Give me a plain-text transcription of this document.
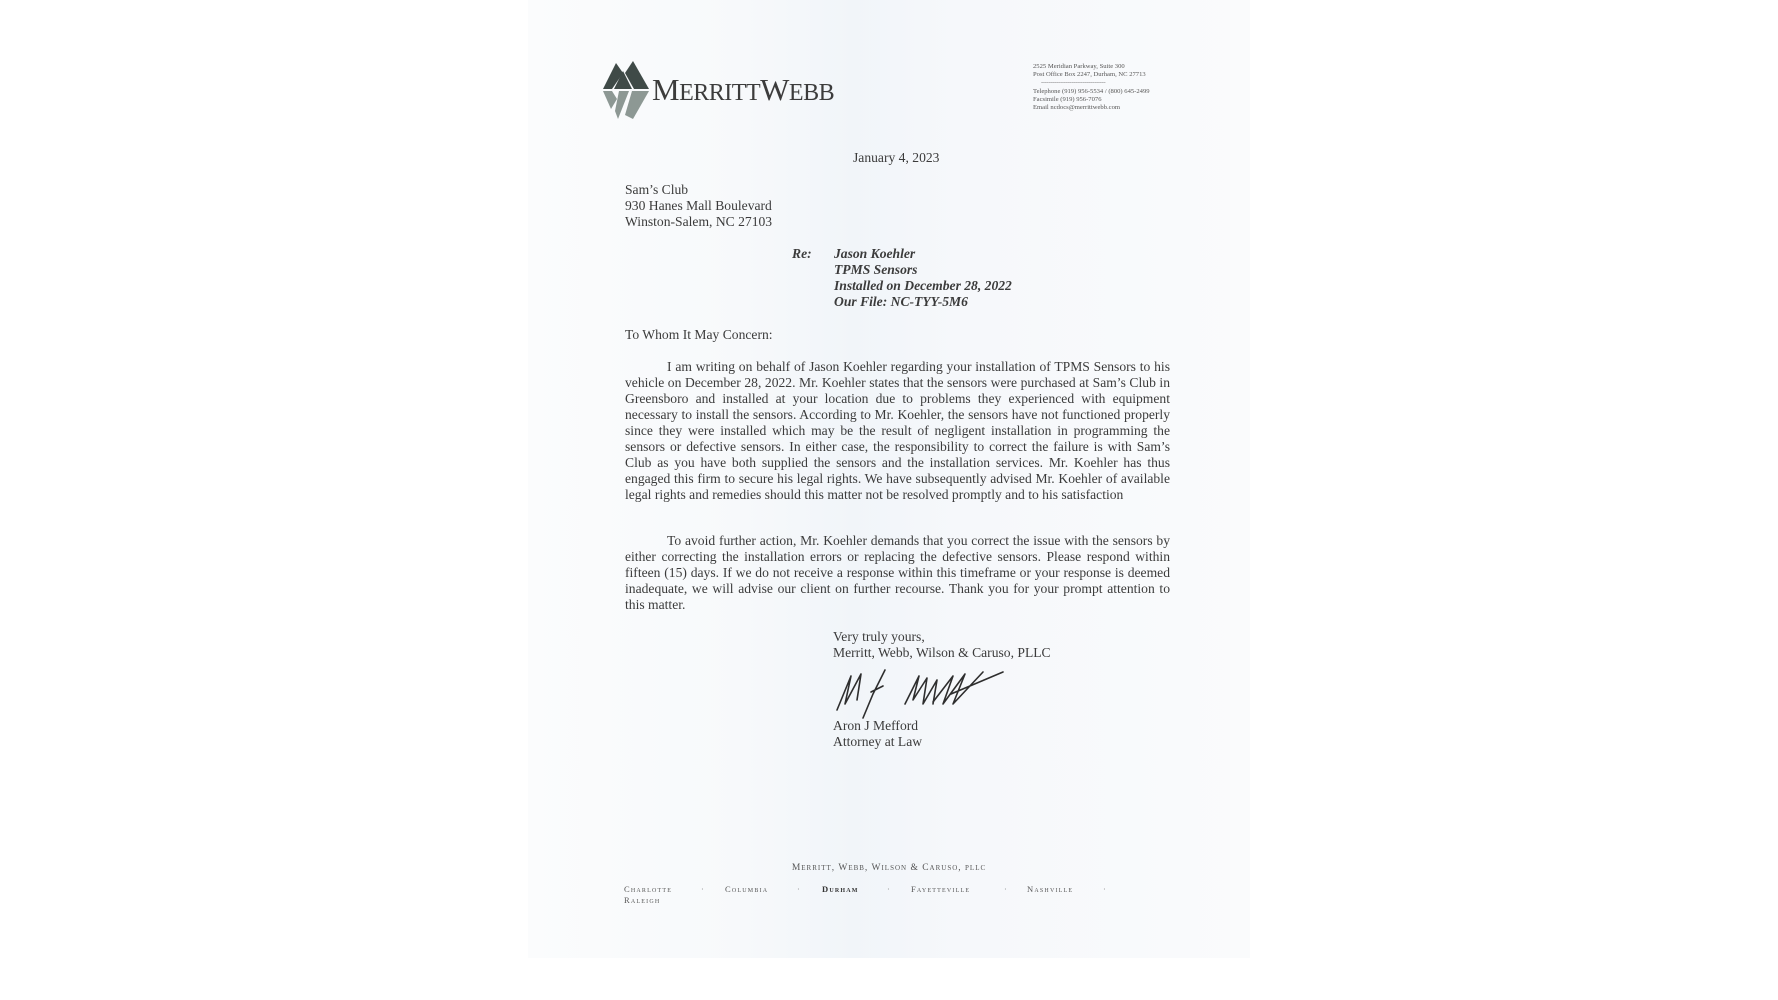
MERRITTWEBB
2525 Meridian Parkway, Suite 300
Post Office Box 2247, Durham, NC 27713
----------------------------------
Telephone (919) 956-5534 / (800) 645-2499
Facsimile (919) 956-7076
Email ncdocs@merrittwebb.com
January 4, 2023
Sam’s Club
930 Hanes Mall Boulevard
Winston-Salem, NC 27103
Re: Jason Koehler
TPMS Sensors
Installed on December 28, 2022
Our File: NC-TYY-5M6
To Whom It May Concern:
I am writing on behalf of Jason Koehler regarding your installation of TPMS Sensors to his vehicle on December 28, 2022. Mr. Koehler states that the sensors were purchased at Sam’s Club in Greensboro and installed at your location due to problems they experienced with equipment necessary to install the sensors. According to Mr. Koehler, the sensors have not functioned properly since they were installed which may be the result of negligent installation in programming the sensors or defective sensors. In either case, the responsibility to correct the failure is with Sam’s Club as you have both supplied the sensors and the installation services. Mr. Koehler has thus engaged this firm to secure his legal rights. We have subsequently advised Mr. Koehler of available legal rights and remedies should this matter not be resolved promptly and to his satisfaction
To avoid further action, Mr. Koehler demands that you correct the issue with the sensors by either correcting the installation errors or replacing the defective sensors. Please respond within fifteen (15) days. If we do not receive a response within this timeframe or your response is deemed inadequate, we will advise our client on further recourse. Thank you for your prompt attention to this matter.
Very truly yours,
Merritt, Webb, Wilson & Caruso, PLLC
Aron J Mefford
Attorney at Law
Merritt, Webb, Wilson & Caruso, pllc
Charlotte	· Columbia	· Durham	· Fayetteville	· Nashville	·
Raleigh
